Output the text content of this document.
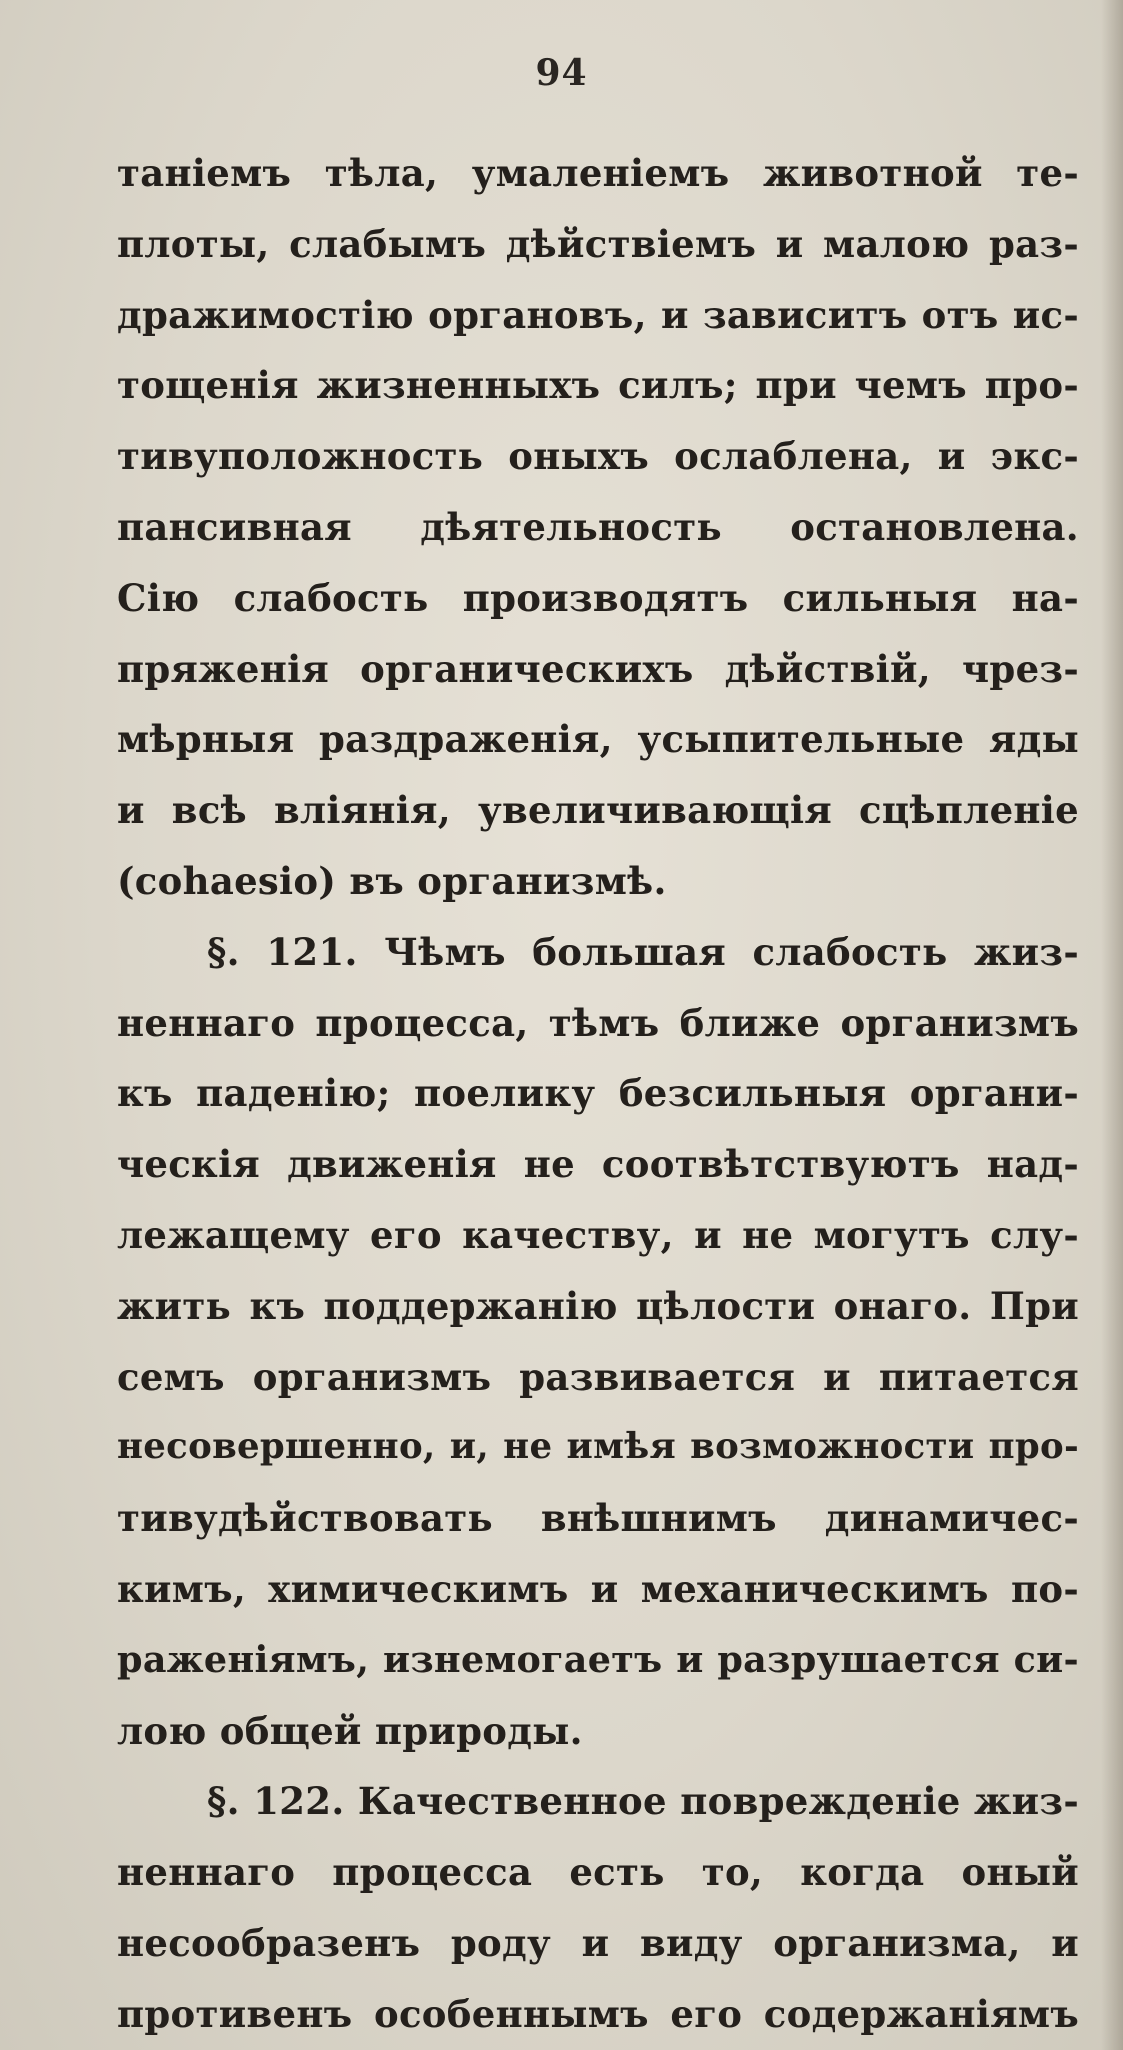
94
таніемъ тѣла, умаленіемъ животной те-
плоты, слабымъ дѣйствіемъ и малою раз-
дражимостію органовъ, и зависитъ отъ ис-
тощенія жизненныхъ силъ; при чемъ про-
тивуположность оныхъ ослаблена, и экс-
пансивная дѣятельность остановлена.
Сію слабость производятъ сильныя на-
пряженія органическихъ дѣйствій, чрез-
мѣрныя раздраженія, усыпительные яды
и всѣ вліянія, увеличивающія сцѣпленіе
(cohaesio) въ организмѣ.
§. 121. Чѣмъ большая слабость жиз-
неннаго процесса, тѣмъ ближе организмъ
къ паденію; поелику безсильныя органи-
ческія движенія не соотвѣтствуютъ над-
лежащему его качеству, и не могутъ слу-
жить къ поддержанію цѣлости онаго. При
семъ организмъ развивается и питается
несовершенно, и, не имѣя возможности про-
тивудѣйствовать внѣшнимъ динамичес-
кимъ, химическимъ и механическимъ по-
раженіямъ, изнемогаетъ и разрушается си-
лою общей природы.
§. 122. Качественное поврежденіе жиз-
неннаго процесса есть то, когда оный
несообразенъ роду и виду организма, и
противенъ особеннымъ его содержаніямъ
